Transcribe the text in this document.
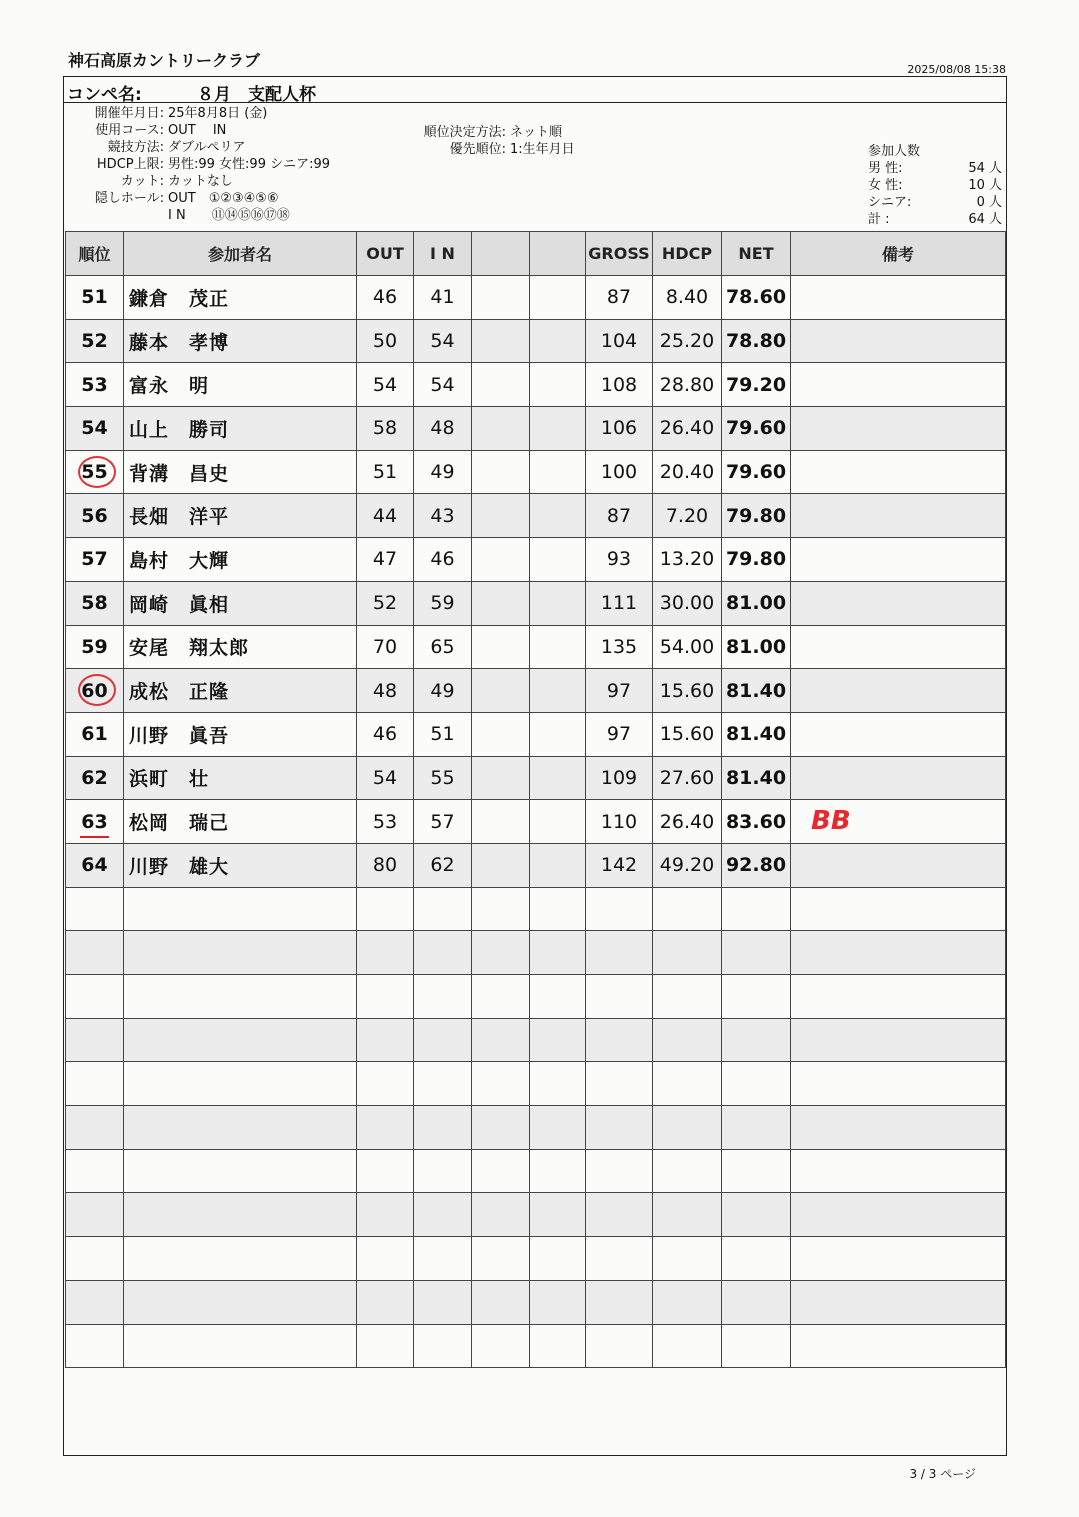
神石高原カントリークラブ	2025/08/08 15:38
コンペ名:	８月　支配人杯
開催年月日: 25年8月8日 (金)
使用コース: OUT　 IN
競技方法: ダブルペリア
HDCP上限: 男性:99 女性:99 シニア:99
カット: カットなし
隠しホール: OUT　①②③④⑤⑥
I N　　⑪⑭⑮⑯⑰⑱
順位決定方法: ネット順
優先順位: 1:生年月日	参加人数
男 性:	54 人
女 性:	10 人
シニア:	0 人
計 :	64 人
順位	参加者名	OUT	I N			GROSS	HDCP	NET	備考
51	鎌倉　茂正	46	41			87	8.40	78.60	
52	藤本　孝博	50	54			104	25.20	78.80	
53	富永　明	54	54			108	28.80	79.20	
54	山上　勝司	58	48			106	26.40	79.60	
55	背溝　昌史	51	49			100	20.40	79.60	
56	長畑　洋平	44	43			87	7.20	79.80	
57	島村　大輝	47	46			93	13.20	79.80	
58	岡崎　眞相	52	59			111	30.00	81.00	
59	安尾　翔太郎	70	65			135	54.00	81.00	
60	成松　正隆	48	49			97	15.60	81.40	
61	川野　眞吾	46	51			97	15.60	81.40	
62	浜町　壮	54	55			109	27.60	81.40	
63	松岡　瑞己	53	57			110	26.40	83.60	BB

64	川野　雄大	80	62			142	49.20	92.80	

3 / 3 ページ
